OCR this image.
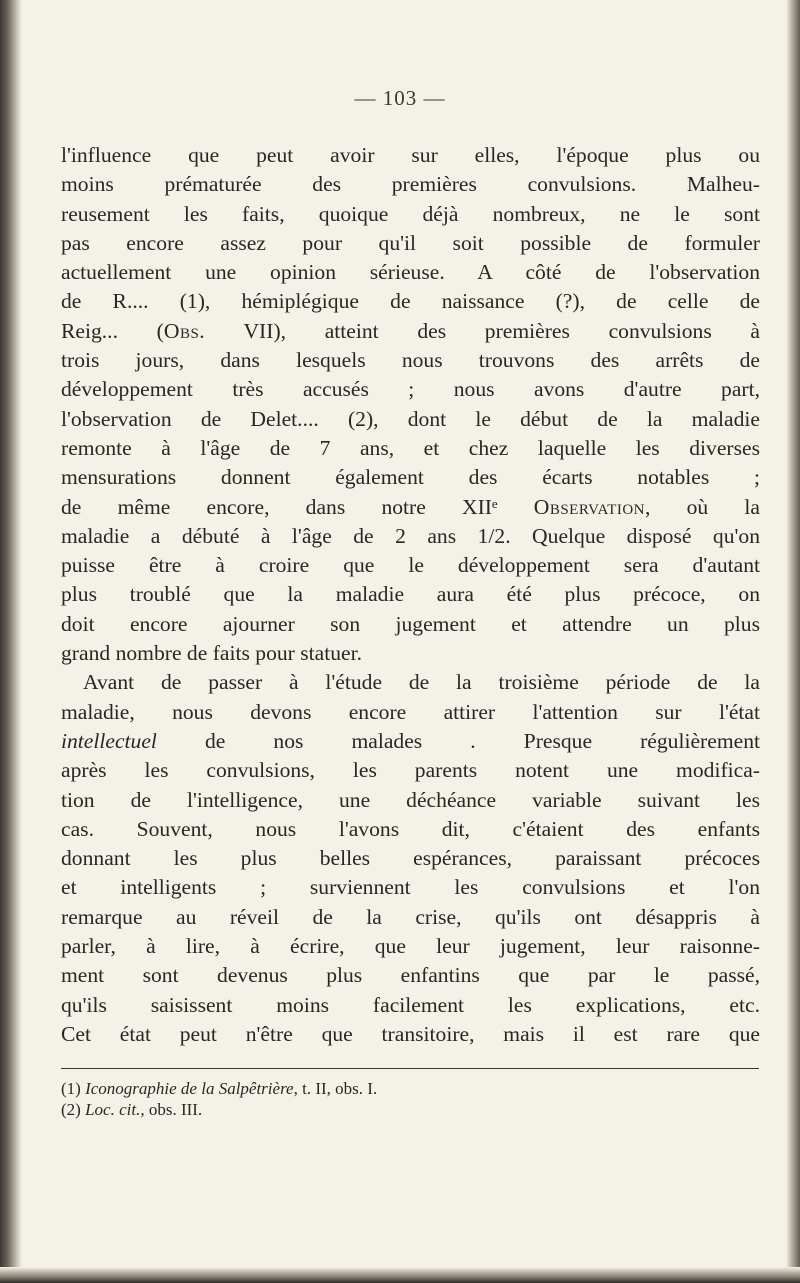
— 103 —
l'influence que peut avoir sur elles, l'époque plus ou
moins prématurée des premières convulsions. Malheu-
reusement les faits, quoique déjà nombreux, ne le sont
pas encore assez pour qu'il soit possible de formuler
actuellement une opinion sérieuse. A côté de l'observation
de R.... (1), hémiplégique de naissance (?), de celle de
Reig... (Obs. VII), atteint des premières convulsions à
trois jours, dans lesquels nous trouvons des arrêts de
développement très accusés ; nous avons d'autre part,
l'observation de Delet.... (2), dont le début de la maladie
remonte à l'âge de 7 ans, et chez laquelle les diverses
mensurations donnent également des écarts notables ;
de même encore, dans notre XIIᵉ Observation, où la
maladie a débuté à l'âge de 2 ans 1/2. Quelque disposé qu'on
puisse être à croire que le développement sera d'autant
plus troublé que la maladie aura été plus précoce, on
doit encore ajourner son jugement et attendre un plus
grand nombre de faits pour statuer.
Avant de passer à l'étude de la troisième période de la
maladie, nous devons encore attirer l'attention sur l'état
intellectuel de nos malades . Presque régulièrement
après les convulsions, les parents notent une modifica-
tion de l'intelligence, une déchéance variable suivant les
cas. Souvent, nous l'avons dit, c'étaient des enfants
donnant les plus belles espérances, paraissant précoces
et intelligents ; surviennent les convulsions et l'on
remarque au réveil de la crise, qu'ils ont désappris à
parler, à lire, à écrire, que leur jugement, leur raisonne-
ment sont devenus plus enfantins que par le passé,
qu'ils saisissent moins facilement les explications, etc.
Cet état peut n'être que transitoire, mais il est rare que
(1) Iconographie de la Salpêtrière, t. II, obs. I.
(2) Loc. cit., obs. III.
